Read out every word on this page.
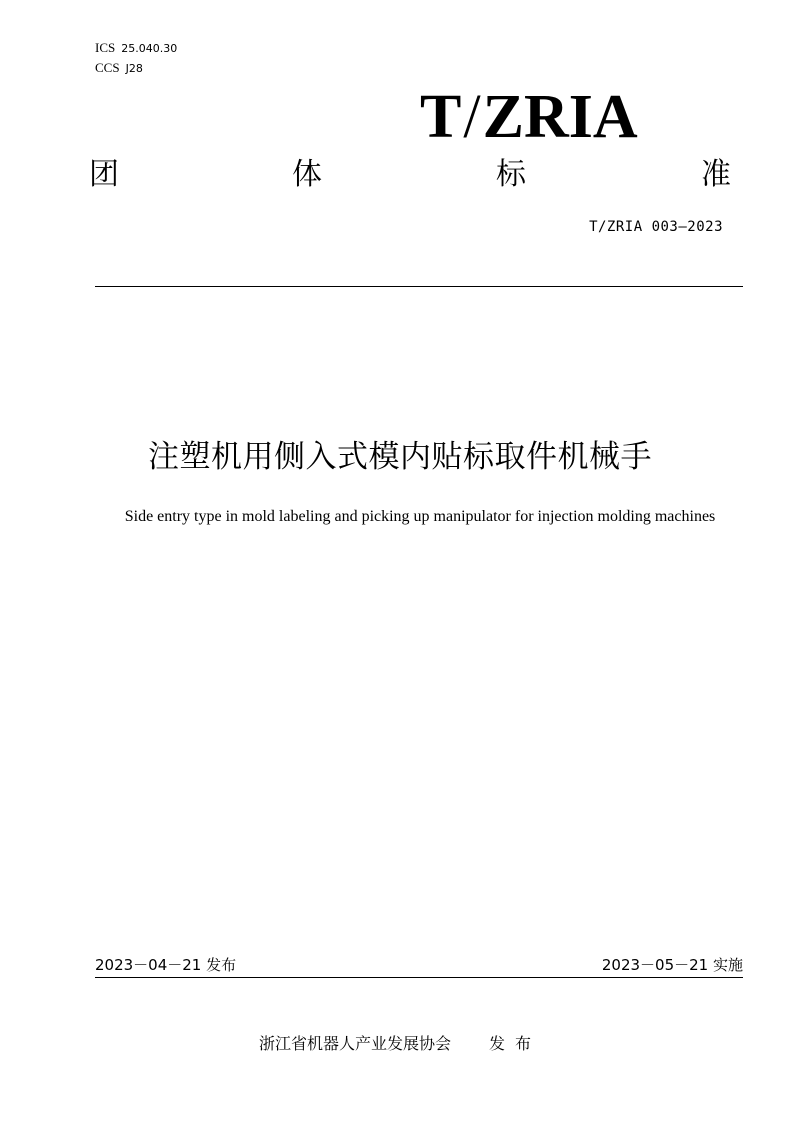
ICS 25.040.30
CCS J28
T/ZRIA
团	体	标	准
T/ZRIA 003—2023
注塑机用侧入式模内贴标取件机械手
Side entry type in mold labeling and picking up manipulator for injection molding machines
2023－04－21 发布	2023－05－21 实施
浙江省机器人产业发展协会 发布
